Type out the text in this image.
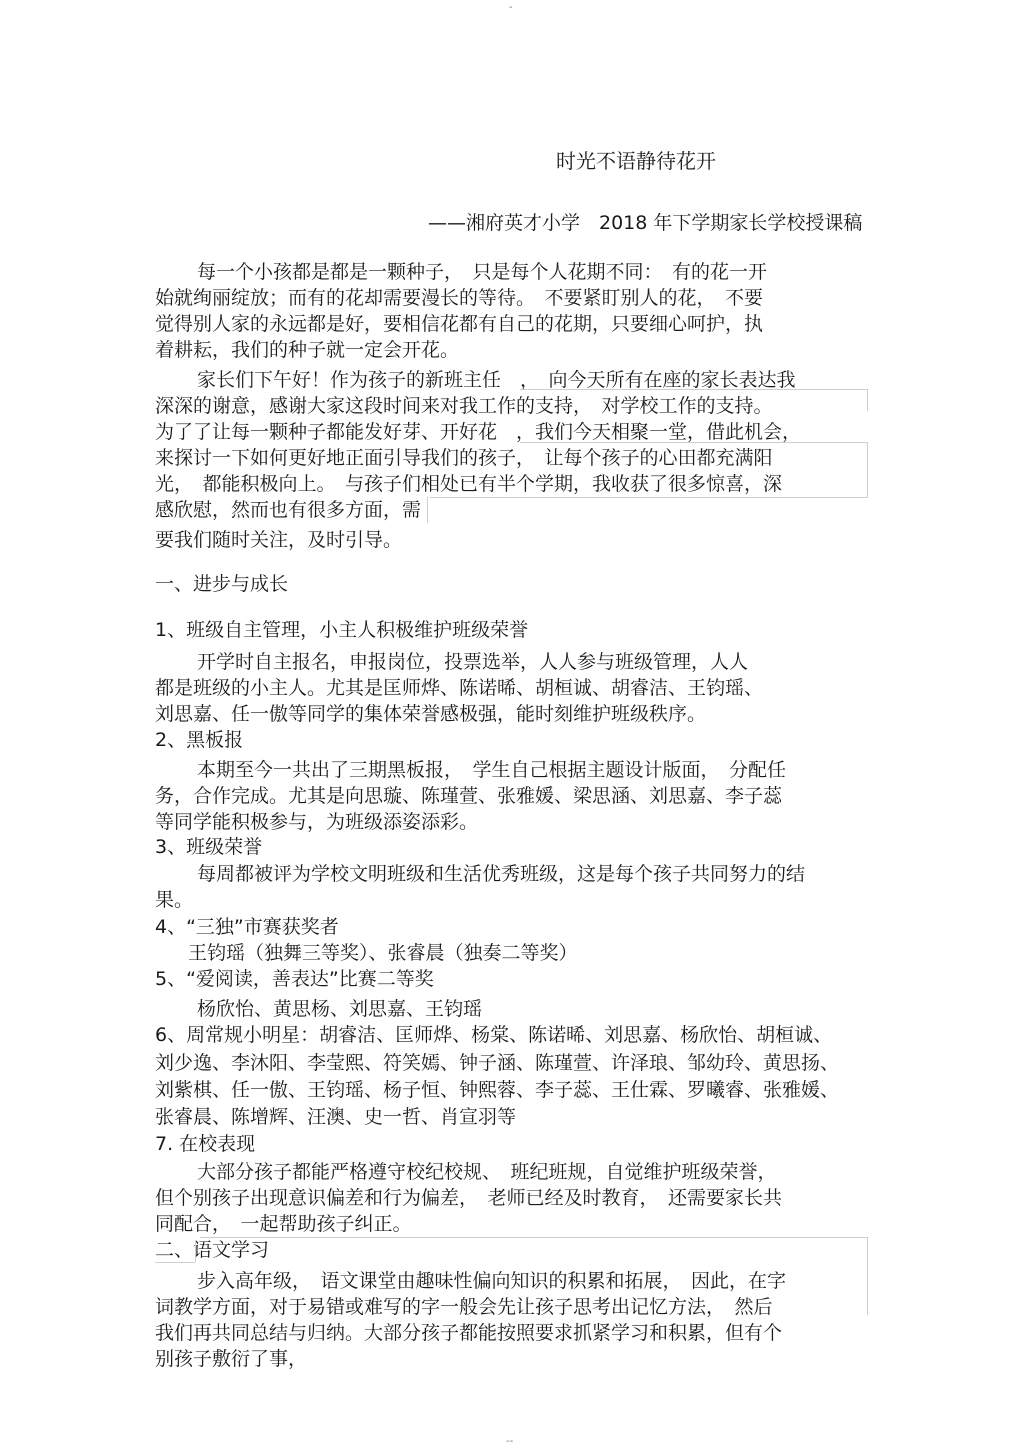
-
时光不语静待花开
——湘府英才小学　2018 年下学期家长学校授课稿
每一个小孩都是都是一颗种子，　只是每个人花期不同：　有的花一开
始就绚丽绽放；而有的花却需要漫长的等待。　不要紧盯别人的花，　不要
觉得别人家的永远都是好，要相信花都有自己的花期，只要细心呵护，执
着耕耘，我们的种子就一定会开花。
家长们下午好！作为孩子的新班主任　，　向今天所有在座的家长表达我
深深的谢意，感谢大家这段时间来对我工作的支持，　对学校工作的支持。
为了了让每一颗种子都能发好芽、开好花　，我们今天相聚一堂，借此机会，
来探讨一下如何更好地正面引导我们的孩子，　让每个孩子的心田都充满阳
光，　都能积极向上。　与孩子们相处已有半个学期，我收获了很多惊喜，深
感欣慰，然而也有很多方面，需
要我们随时关注，及时引导。
一、进步与成长
1、班级自主管理，小主人积极维护班级荣誉
开学时自主报名，申报岗位，投票选举，人人参与班级管理，人人
都是班级的小主人。尤其是匡师烨、陈诺晞、胡桓诚、胡睿洁、王钧瑶、
刘思嘉、任一傲等同学的集体荣誉感极强，能时刻维护班级秩序。
2、黑板报
本期至今一共出了三期黑板报，　学生自己根据主题设计版面，　分配任
务，合作完成。尤其是向思璇、陈瑾萱、张雅媛、梁思涵、刘思嘉、李子蕊
等同学能积极参与，为班级添姿添彩。
3、班级荣誉
每周都被评为学校文明班级和生活优秀班级，这是每个孩子共同努力的结
果。
4、“三独”市赛获奖者
王钧瑶（独舞三等奖）、张睿晨（独奏二等奖）
5、“爱阅读，善表达”比赛二等奖
杨欣怡、黄思杨、刘思嘉、王钧瑶
6、周常规小明星：胡睿洁、匡师烨、杨棠、陈诺晞、刘思嘉、杨欣怡、胡桓诚、
刘少逸、李沐阳、李莹熙、符笑嫣、钟子涵、陈瑾萱、许泽琅、邹幼玲、黄思扬、
刘紫棋、任一傲、王钧瑶、杨子恒、钟熙蓉、李子蕊、王仕霖、罗曦睿、张雅媛、
张睿晨、陈增辉、汪澳、史一哲、肖宣羽等
7. 在校表现
大部分孩子都能严格遵守校纪校规、　班纪班规，自觉维护班级荣誉，
但个别孩子出现意识偏差和行为偏差，　老师已经及时教育，　还需要家长共
同配合，　一起帮助孩子纠正。
二、语文学习
步入高年级，　语文课堂由趣味性偏向知识的积累和拓展，　因此，在字
词教学方面，对于易错或难写的字一般会先让孩子思考出记忆方法，　然后
我们再共同总结与归纳。大部分孩子都能按照要求抓紧学习和积累，但有个
别孩子敷衍了事，
--
